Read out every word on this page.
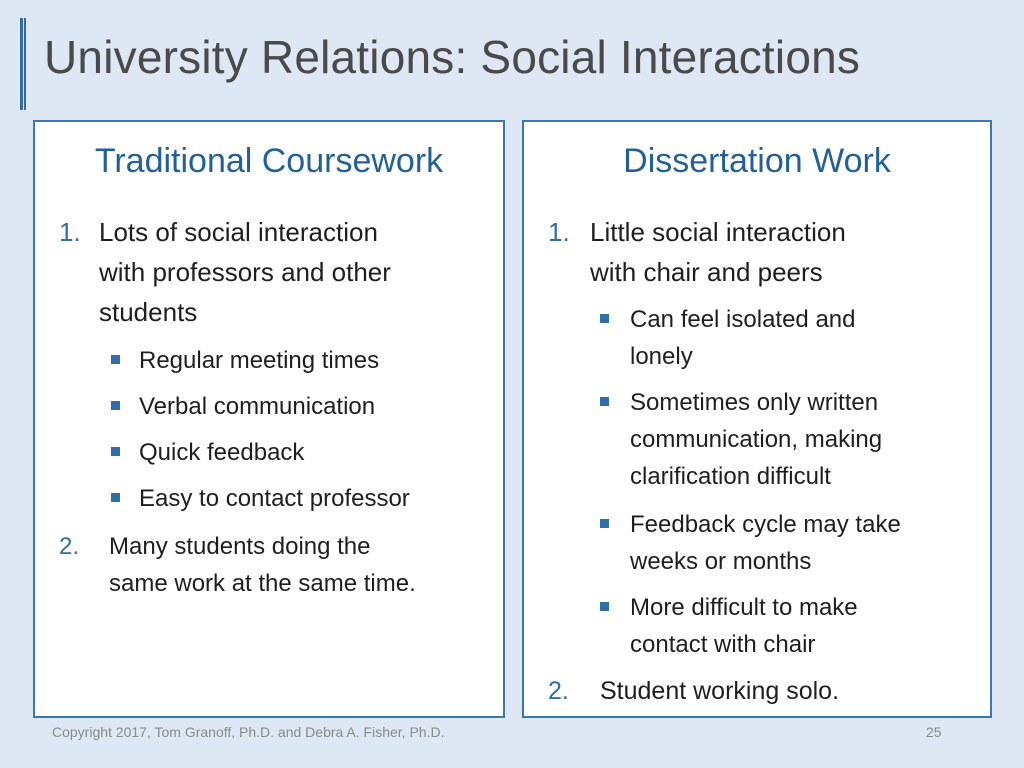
University Relations: Social Interactions
Traditional Coursework
1. Lots of social interaction
with professors and other
students
Regular meeting times
Verbal communication
Quick feedback
Easy to contact professor
2.	Many students doing the
same work at the same time.
Dissertation Work
1. Little social interaction
with chair and peers
Can feel isolated and
lonely
Sometimes only written
communication, making
clarification difficult
Feedback cycle may take
weeks or months
More difficult to make
contact with chair
2.	Student working solo.
Copyright 2017, Tom Granoff, Ph.D. and Debra A. Fisher, Ph.D.	25
